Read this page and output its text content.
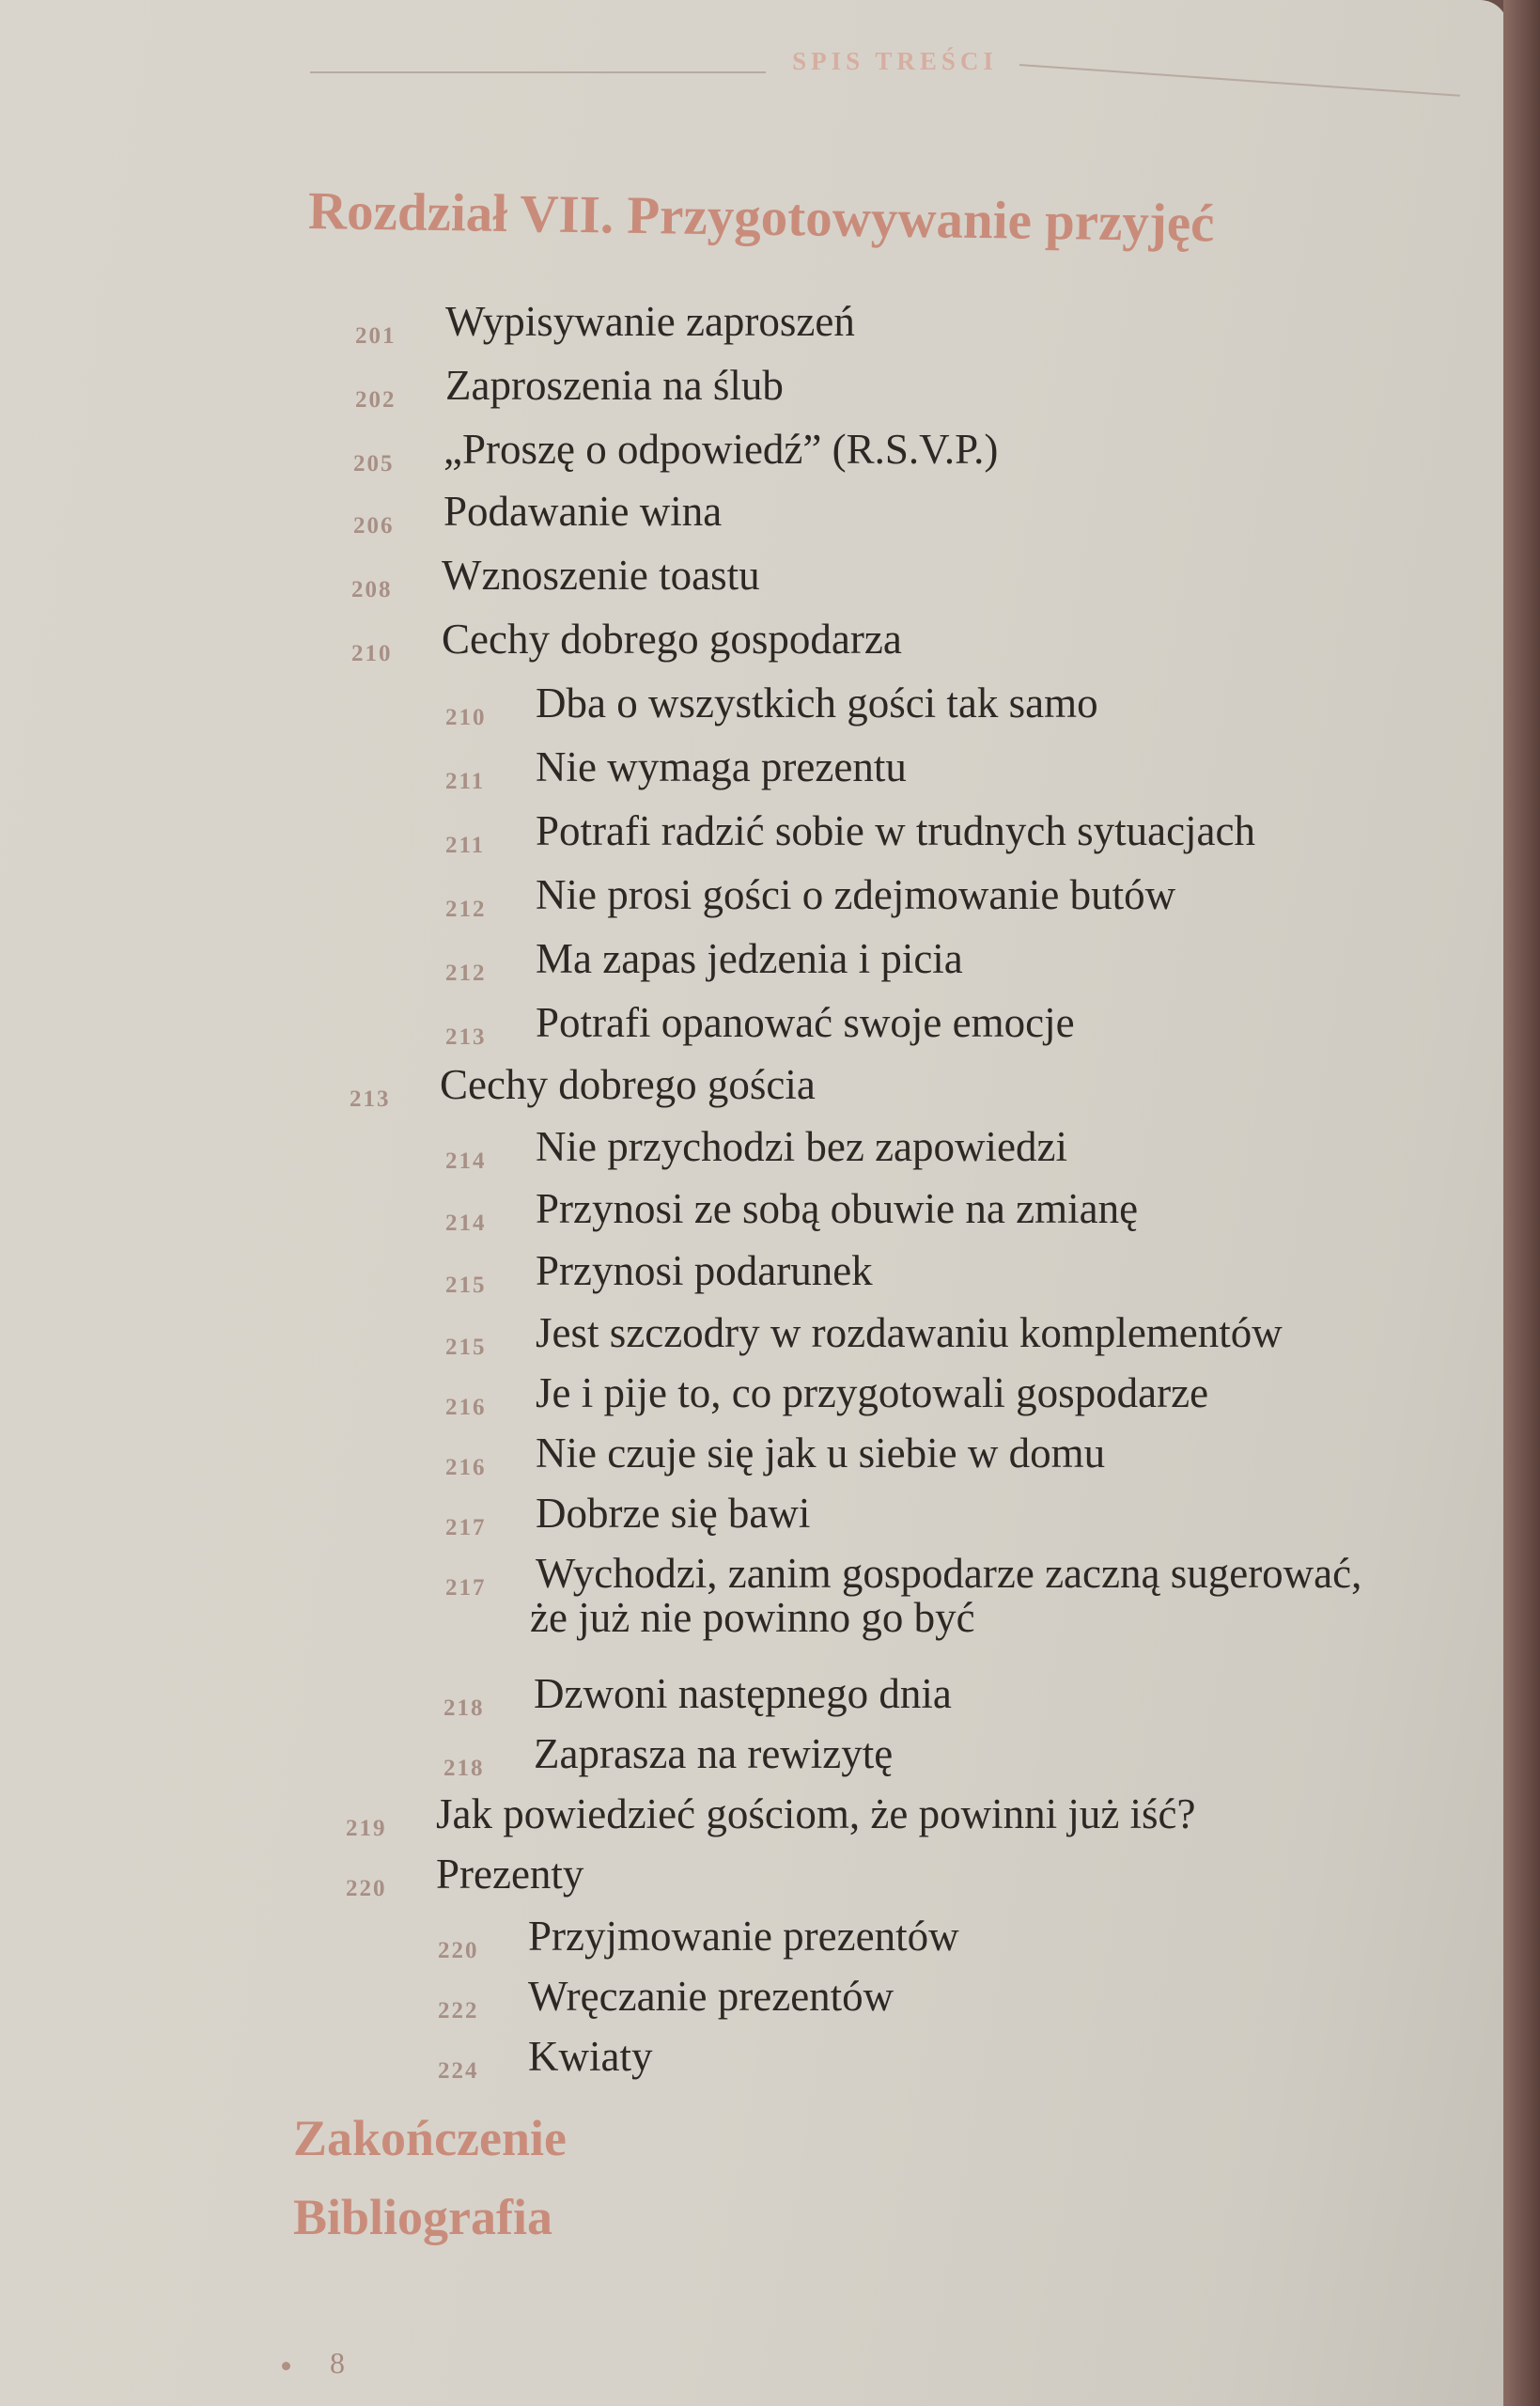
SPIS TREŚCI
Rozdział VII. Przygotowywanie przyjęć
201	Wypisywanie zaproszeń
202	Zaproszenia na ślub
205	„Proszę o odpowiedź” (R.S.V.P.)
206	Podawanie wina
208	Wznoszenie toastu
210	Cechy dobrego gospodarza
210	Dba o wszystkich gości tak samo
211	Nie wymaga prezentu
211	Potrafi radzić sobie w trudnych sytuacjach
212	Nie prosi gości o zdejmowanie butów
212	Ma zapas jedzenia i picia
213	Potrafi opanować swoje emocje
213	Cechy dobrego gościa
214	Nie przychodzi bez zapowiedzi
214	Przynosi ze sobą obuwie na zmianę
215	Przynosi podarunek
215	Jest szczodry w rozdawaniu komplementów
216	Je i pije to, co przygotowali gospodarze
216	Nie czuje się jak u siebie w domu
217	Dobrze się bawi
217	Wychodzi, zanim gospodarze zaczną sugerować,
że już nie powinno go być
218	Dzwoni następnego dnia
218	Zaprasza na rewizytę
219	Jak powiedzieć gościom, że powinni już iść?
220	Prezenty
220	Przyjmowanie prezentów
222	Wręczanie prezentów
224	Kwiaty
Zakończenie
Bibliografia
8
